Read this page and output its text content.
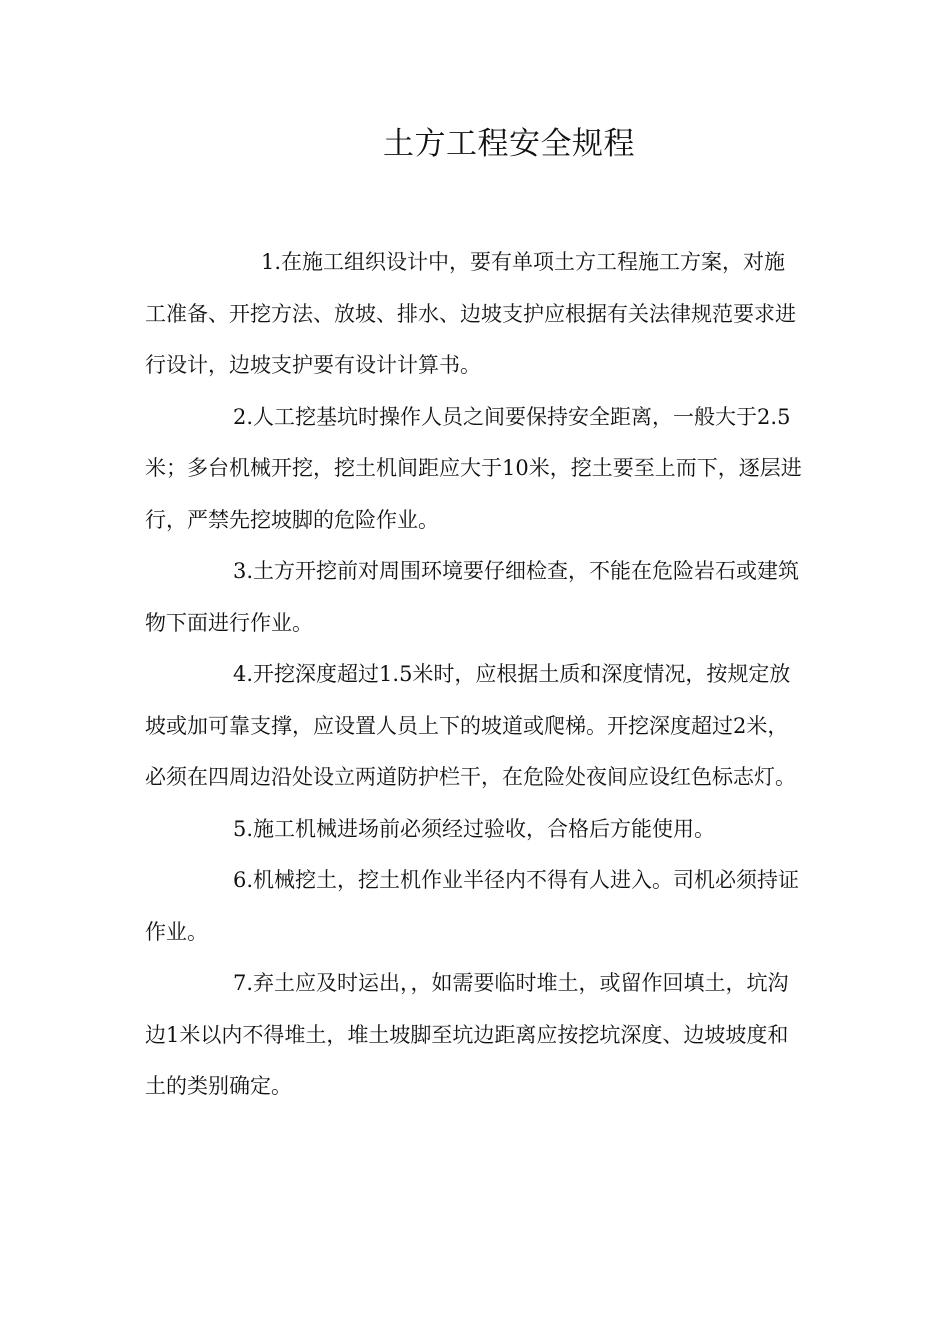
土方工程安全规程

1.在施工组织设计中，要有单项土方工程施工方案，对施工准备、开挖方法、放坡、排水、边坡支护应根据有关法律规范要求进行设计，边坡支护要有设计计算书。

2.人工挖基坑时操作人员之间要保持安全距离，一般大于2.5米；多台机械开挖，挖土机间距应大于10米，挖土要至上而下，逐层进行，严禁先挖坡脚的危险作业。

3.土方开挖前对周围环境要仔细检查，不能在危险岩石或建筑物下面进行作业。

4.开挖深度超过1.5米时，应根据土质和深度情况，按规定放坡或加可靠支撑，应设置人员上下的坡道或爬梯。开挖深度超过2米，必须在四周边沿处设立两道防护栏干，在危险处夜间应设红色标志灯。

5.施工机械进场前必须经过验收，合格后方能使用。

6.机械挖土，挖土机作业半径内不得有人进入。司机必须持证作业。

7.弃土应及时运出，，如需要临时堆土，或留作回填土，坑沟边1米以内不得堆土，堆土坡脚至坑边距离应按挖坑深度、边坡坡度和土的类别确定。
